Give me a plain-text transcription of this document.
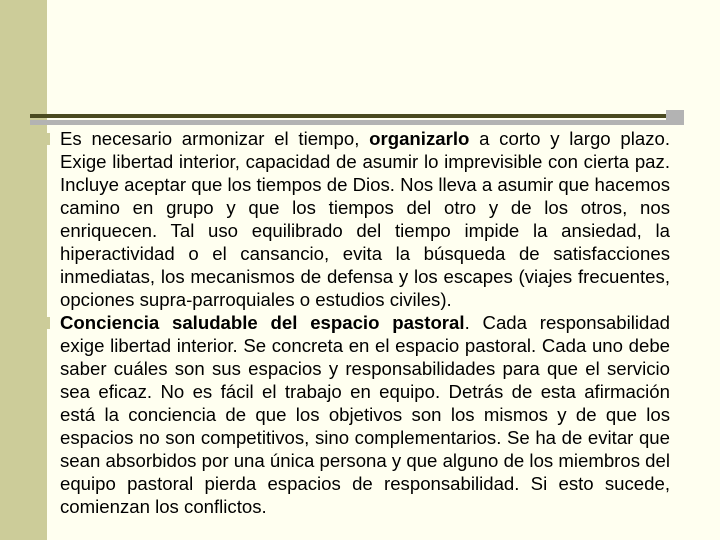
Es necesario armonizar el tiempo, organizarlo a corto y largo plazo. Exige libertad interior, capacidad de asumir lo imprevisible con cierta paz. Incluye aceptar que los tiempos de Dios. Nos lleva a asumir que hacemos camino en grupo y que los tiempos del otro y de los otros, nos enriquecen. Tal uso equilibrado del tiempo impide la ansiedad, la hiperactividad o el cansancio, evita la búsqueda de satisfacciones inmediatas, los mecanismos de defensa y los escapes (viajes frecuentes, opciones supra-parroquiales o estudios civiles).
Conciencia saludable del espacio pastoral. Cada responsabilidad exige libertad interior. Se concreta en el espacio pastoral. Cada uno debe saber cuáles son sus espacios y responsabilidades para que el servicio sea eficaz. No es fácil el trabajo en equipo. Detrás de esta afirmación está la conciencia de que los objetivos son los mismos y de que los espacios no son competitivos, sino complementarios. Se ha de evitar que sean absorbidos por una única persona y que alguno de los miembros del equipo pastoral pierda espacios de responsabilidad. Si esto sucede, comienzan los conflictos.
